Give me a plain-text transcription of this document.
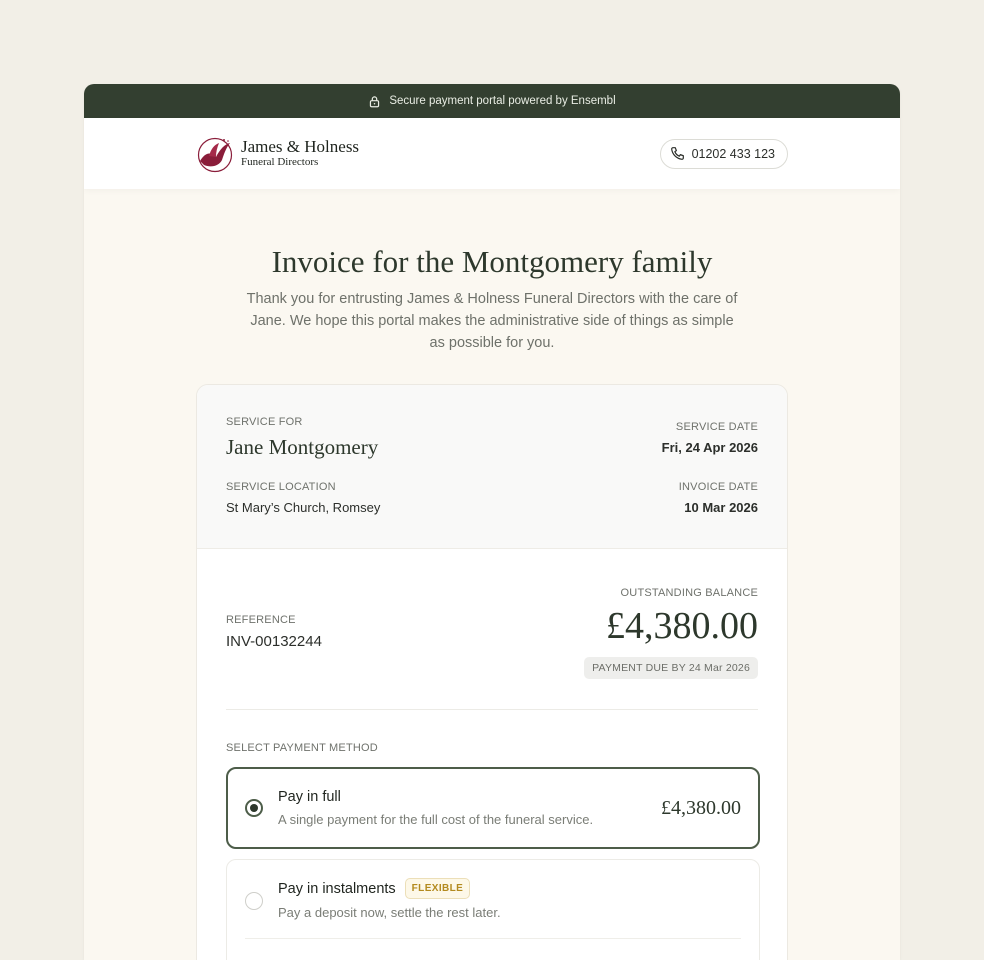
Secure payment portal powered by Ensembl
James & Holness
Funeral Directors
01202 433 123
Invoice for the Montgomery family

Thank you for entrusting James & Holness Funeral Directors with the care of Jane. We hope this portal makes the administrative side of things as simple as possible for you.

SERVICE FOR
Jane Montgomery
SERVICE DATE
Fri, 24 Apr 2026
SERVICE LOCATION
St Mary’s Church, Romsey
INVOICE DATE
10 Mar 2026
REFERENCE
INV-00132244
OUTSTANDING BALANCE
£4,380.00
PAYMENT DUE BY 24 Mar 2026
SELECT PAYMENT METHOD
Pay in full
A single payment for the full cost of the funeral service.
£4,380.00
Pay in instalments	FLEXIBLE
Pay a deposit now, settle the rest later.
